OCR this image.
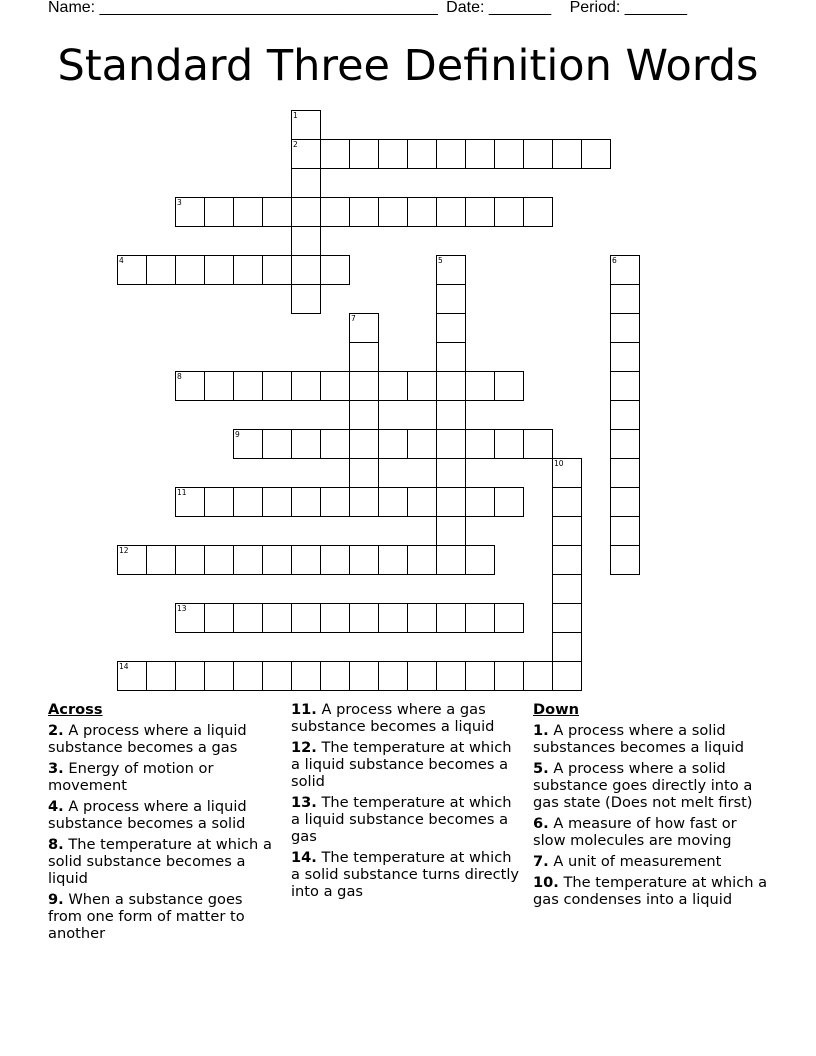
Name: ______________________________________ Date: _______ Period: _______
Standard Three Definition Words
1
2
3
4	5	6
7
8
9
10
11
12
13
14
Across
2. A process where a liquid substance becomes a gas
3. Energy of motion or movement
4. A process where a liquid substance becomes a solid
8. The temperature at which a solid substance becomes a liquid
9. When a substance goes from one form of matter to another
11. A process where a gas substance becomes a liquid
12. The temperature at which a liquid substance becomes a solid
13. The temperature at which a liquid substance becomes a gas
14. The temperature at which a solid substance turns directly into a gas
Down
1. A process where a solid substances becomes a liquid
5. A process where a solid substance goes directly into a gas state (Does not melt first)
6. A measure of how fast or slow molecules are moving
7. A unit of measurement
10. The temperature at which a gas condenses into a liquid
